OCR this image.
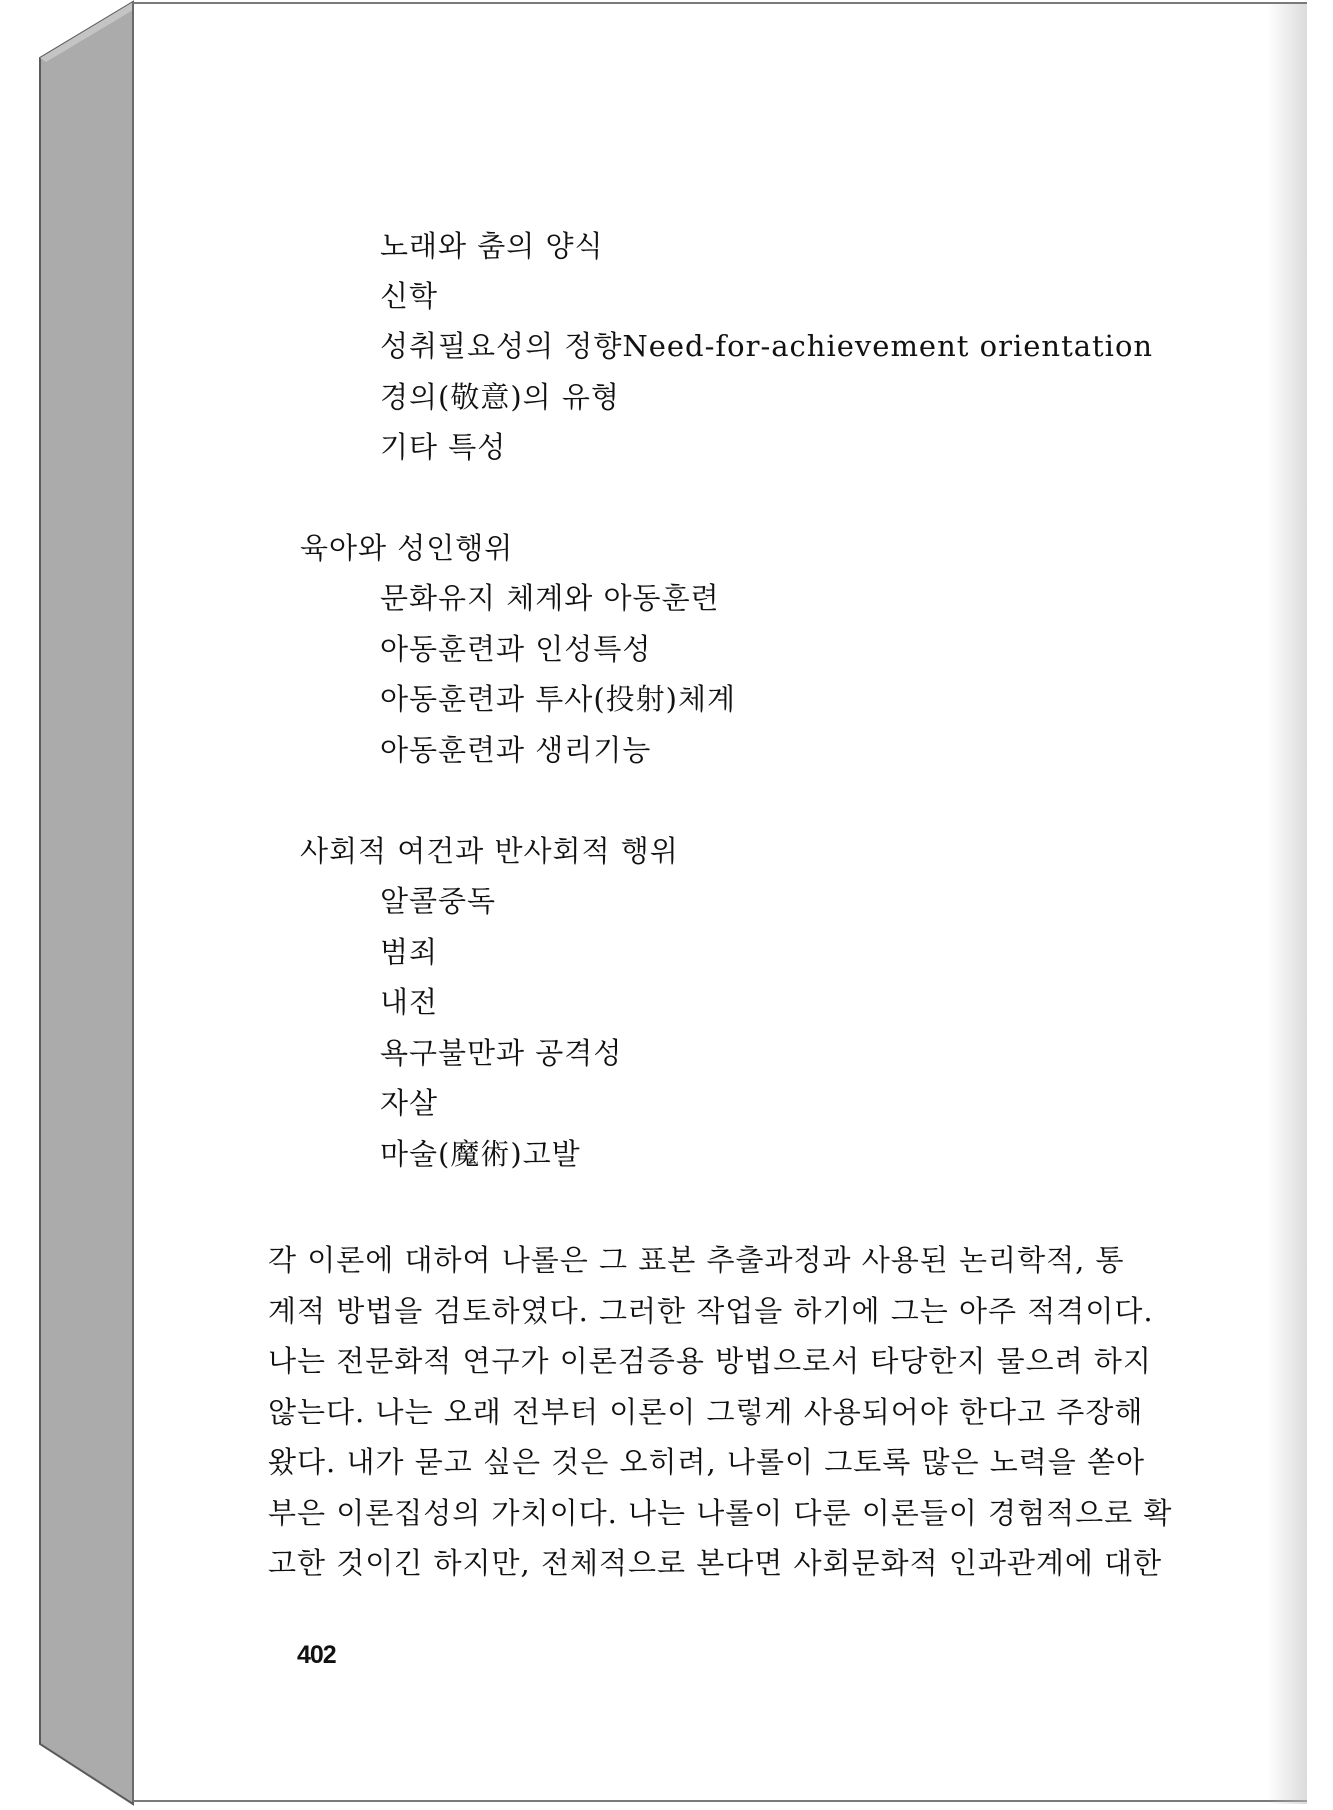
노래와 춤의 양식
신학
성취필요성의 정향Need-for-achievement orientation
경의(敬意)의 유형
기타 특성
육아와 성인행위
문화유지 체계와 아동훈련
아동훈련과 인성특성
아동훈련과 투사(投射)체계
아동훈련과 생리기능
사회적 여건과 반사회적 행위
알콜중독
범죄
내전
욕구불만과 공격성
자살
마술(魔術)고발
각 이론에 대하여 나롤은 그 표본 추출과정과 사용된 논리학적, 통
계적 방법을 검토하였다. 그러한 작업을 하기에 그는 아주 적격이다.
나는 전문화적 연구가 이론검증용 방법으로서 타당한지 물으려 하지
않는다. 나는 오래 전부터 이론이 그렇게 사용되어야 한다고 주장해
왔다. 내가 묻고 싶은 것은 오히려, 나롤이 그토록 많은 노력을 쏟아
부은 이론집성의 가치이다. 나는 나롤이 다룬 이론들이 경험적으로 확
고한 것이긴 하지만, 전체적으로 본다면 사회문화적 인과관계에 대한
402
